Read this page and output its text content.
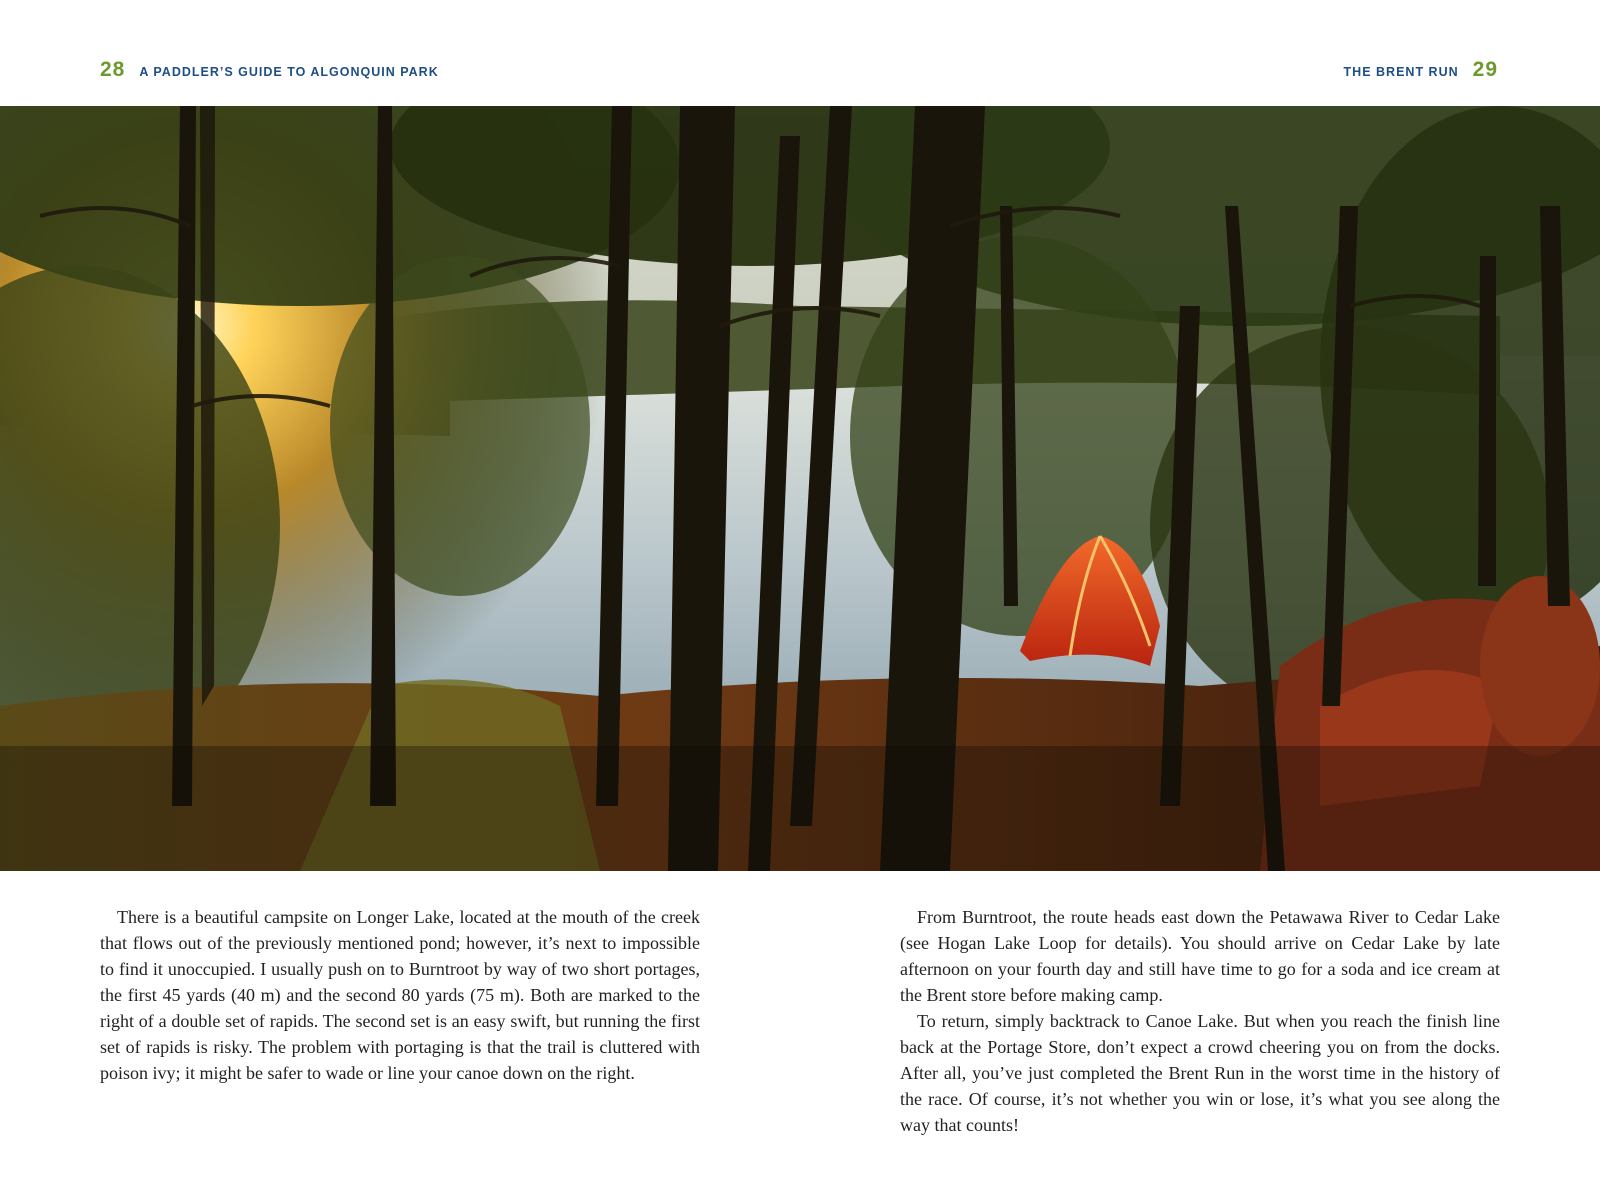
28 A PADDLER’S GUIDE TO ALGONQUIN PARK	THE BRENT RUN 29

There is a beautiful campsite on Longer Lake, located at the mouth of the creek that flows out of the previously mentioned pond; however, it’s next to impossible to find it unoccupied. I usually push on to Burntroot by way of two short portages, the first 45 yards (40 m) and the second 80 yards (75 m). Both are marked to the right of a double set of rapids. The second set is an easy swift, but running the first set of rapids is risky. The problem with portaging is that the trail is cluttered with poison ivy; it might be safer to wade or line your canoe down on the right.

From Burntroot, the route heads east down the Petawawa River to Cedar Lake (see Hogan Lake Loop for details). You should arrive on Cedar Lake by late afternoon on your fourth day and still have time to go for a soda and ice cream at the Brent store before making camp.

To return, simply backtrack to Canoe Lake. But when you reach the finish line back at the Portage Store, don’t expect a crowd cheering you on from the docks. After all, you’ve just completed the Brent Run in the worst time in the history of the race. Of course, it’s not whether you win or lose, it’s what you see along the way that counts!
